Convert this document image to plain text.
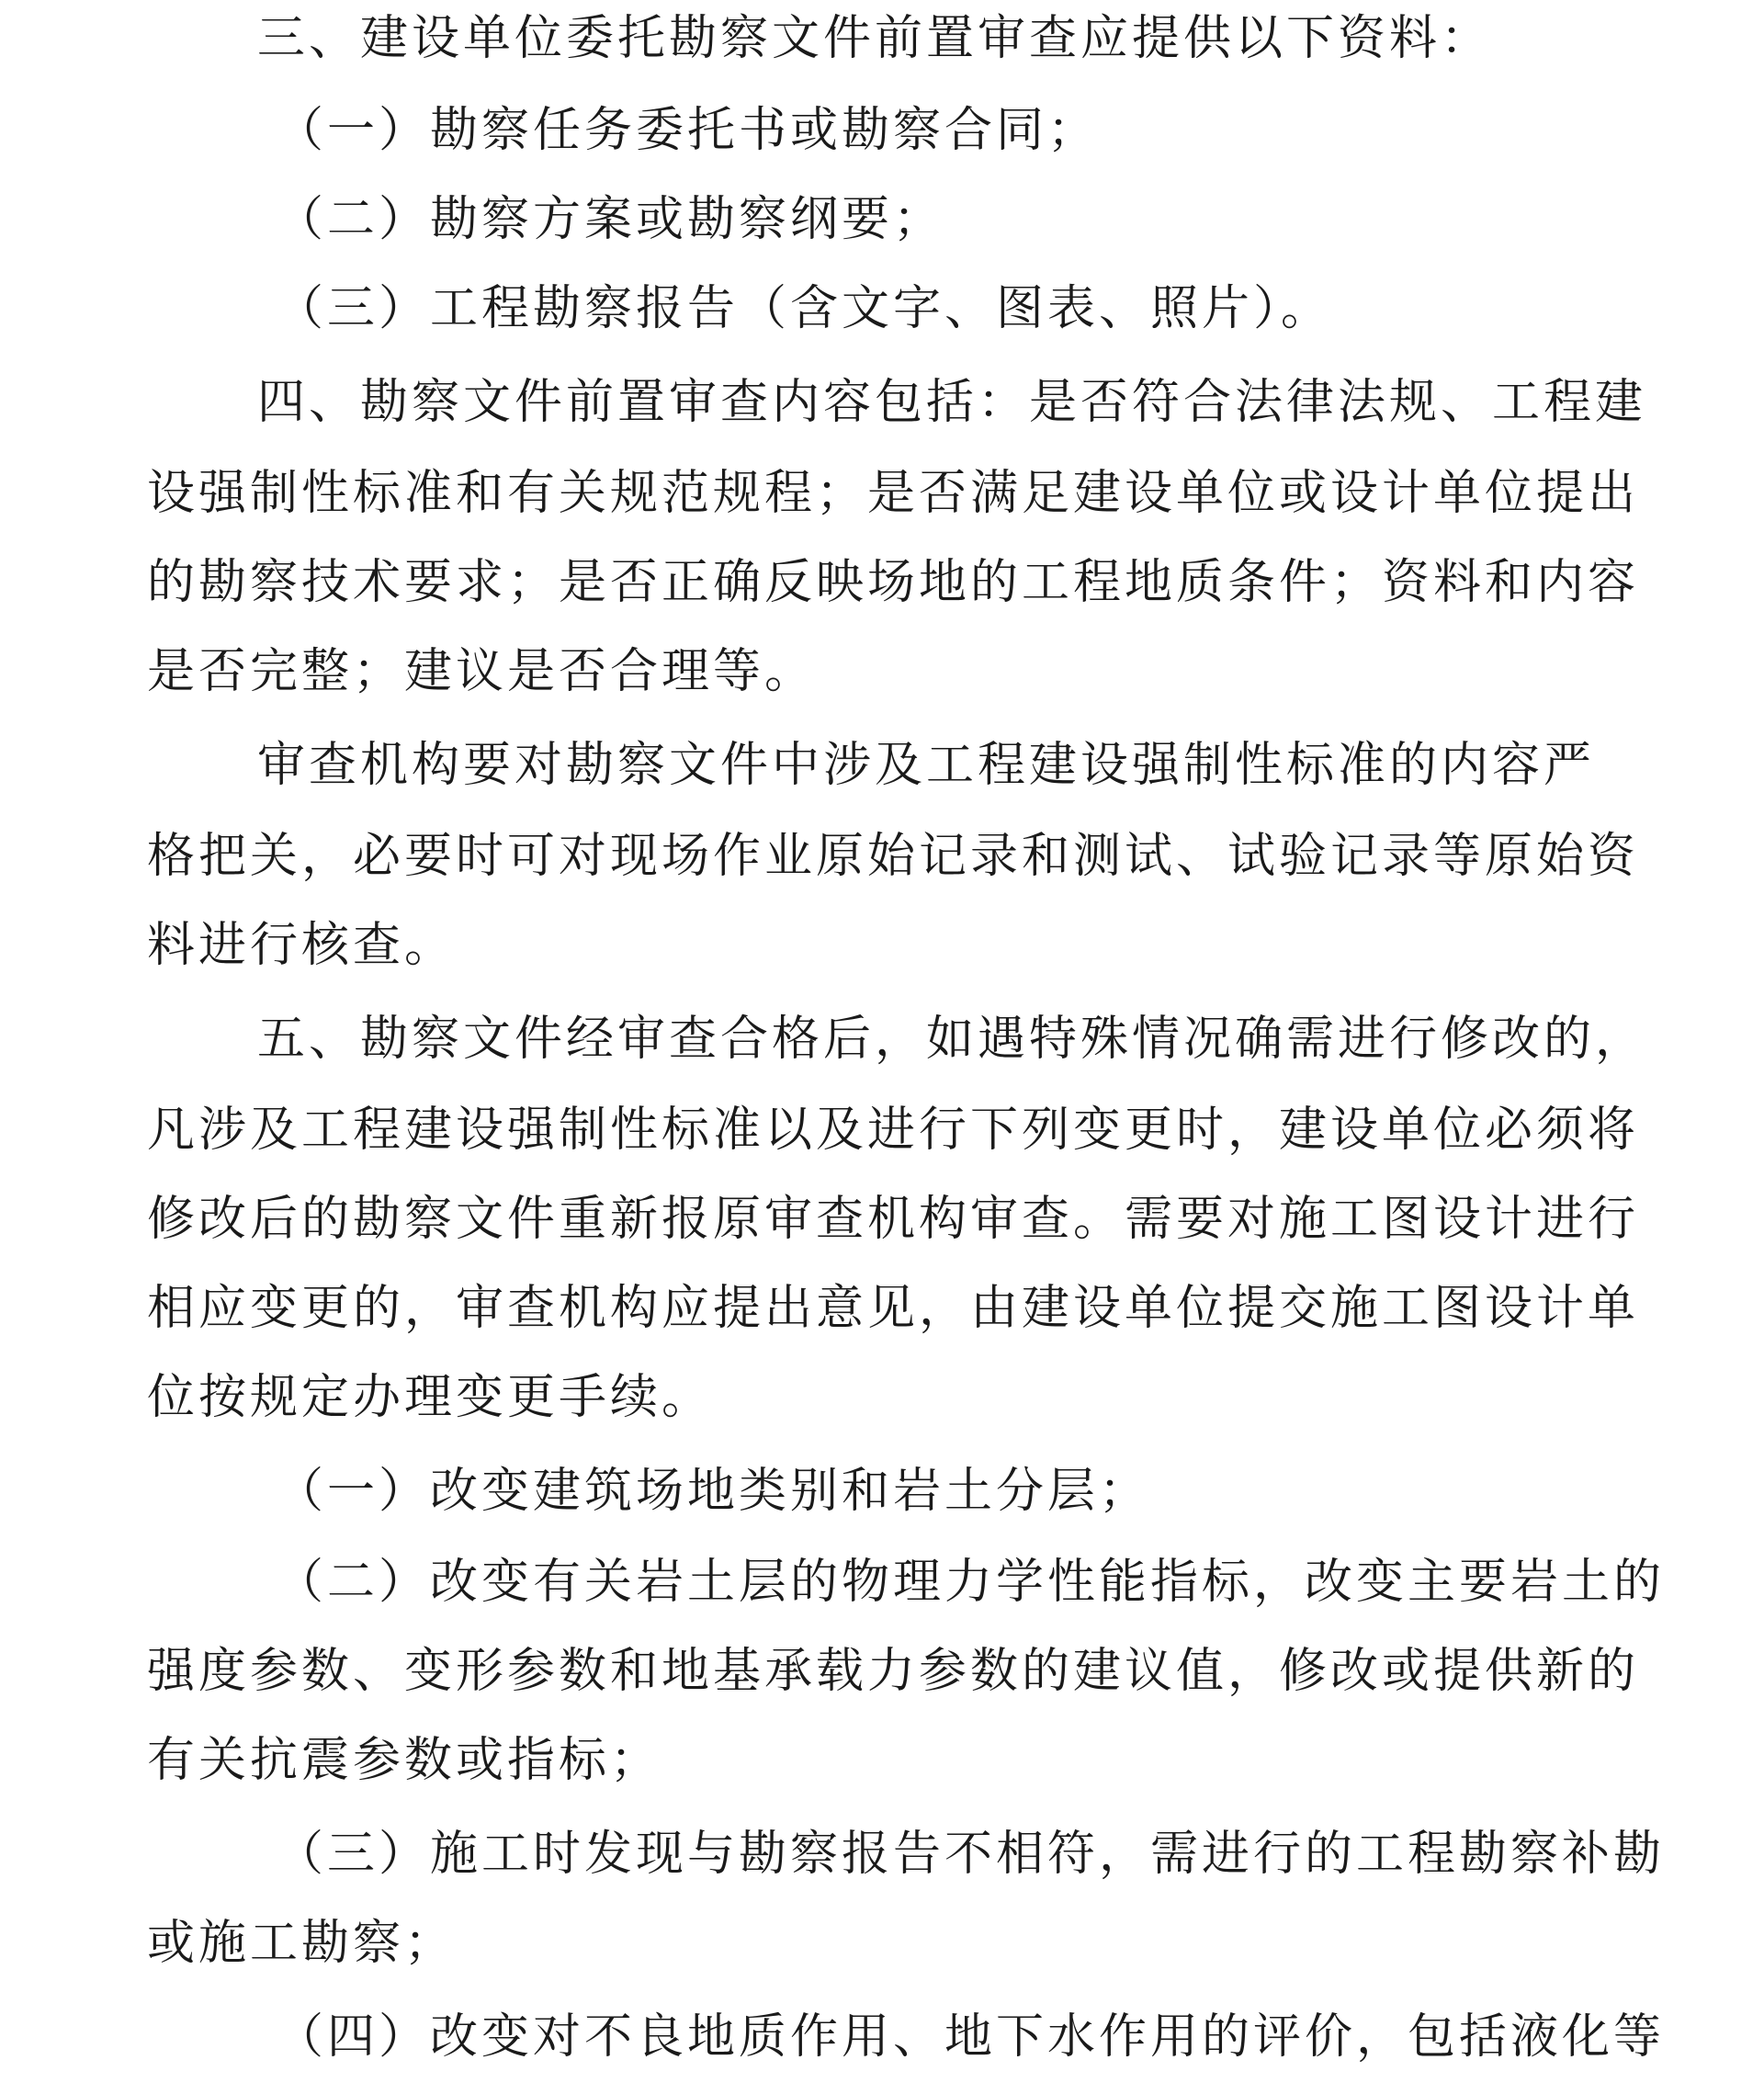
三、建设单位委托勘察文件前置审查应提供以下资料：
（一）勘察任务委托书或勘察合同；
（二）勘察方案或勘察纲要；
（三）工程勘察报告（含文字、图表、照片）。
四、勘察文件前置审查内容包括：是否符合法律法规、工程建
设强制性标准和有关规范规程；是否满足建设单位或设计单位提出
的勘察技术要求；是否正确反映场地的工程地质条件；资料和内容
是否完整；建议是否合理等。
审查机构要对勘察文件中涉及工程建设强制性标准的内容严
格把关，必要时可对现场作业原始记录和测试、试验记录等原始资
料进行核查。
五、勘察文件经审查合格后，如遇特殊情况确需进行修改的，
凡涉及工程建设强制性标准以及进行下列变更时，建设单位必须将
修改后的勘察文件重新报原审查机构审查。需要对施工图设计进行
相应变更的，审查机构应提出意见，由建设单位提交施工图设计单
位按规定办理变更手续。
（一）改变建筑场地类别和岩土分层；
（二）改变有关岩土层的物理力学性能指标，改变主要岩土的
强度参数、变形参数和地基承载力参数的建议值，修改或提供新的
有关抗震参数或指标；
（三）施工时发现与勘察报告不相符，需进行的工程勘察补勘
或施工勘察；
（四）改变对不良地质作用、地下水作用的评价，包括液化等
